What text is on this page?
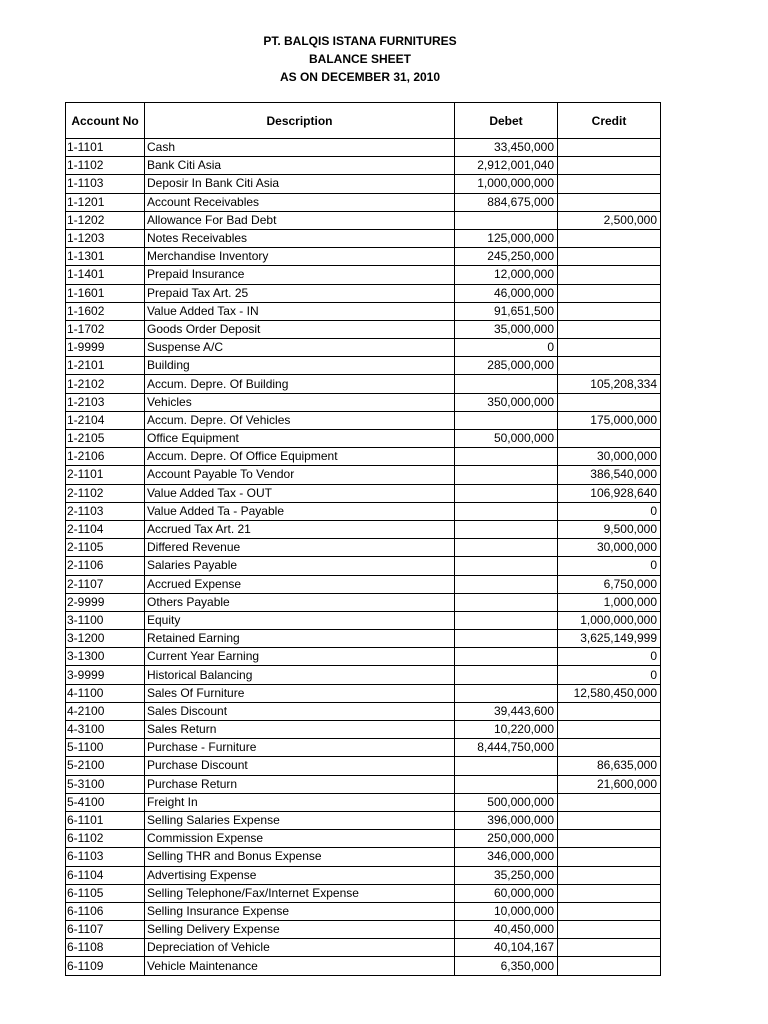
PT. BALQIS ISTANA FURNITURES
BALANCE SHEET
AS ON DECEMBER 31, 2010
Account No	Description	Debet	Credit
1-1101	Cash	33,450,000	
1-1102	Bank Citi Asia	2,912,001,040	
1-1103	Deposir In Bank Citi Asia	1,000,000,000	
1-1201	Account Receivables	884,675,000	
1-1202	Allowance For Bad Debt		2,500,000
1-1203	Notes Receivables	125,000,000	
1-1301	Merchandise Inventory	245,250,000	
1-1401	Prepaid Insurance	12,000,000	
1-1601	Prepaid Tax Art. 25	46,000,000	
1-1602	Value Added Tax - IN	91,651,500	
1-1702	Goods Order Deposit	35,000,000	
1-9999	Suspense A/C	0	
1-2101	Building	285,000,000	
1-2102	Accum. Depre. Of Building		105,208,334
1-2103	Vehicles	350,000,000	
1-2104	Accum. Depre. Of Vehicles		175,000,000
1-2105	Office Equipment	50,000,000	
1-2106	Accum. Depre. Of Office Equipment		30,000,000
2-1101	Account Payable To Vendor		386,540,000
2-1102	Value Added Tax - OUT		106,928,640
2-1103	Value Added Ta - Payable		0
2-1104	Accrued Tax Art. 21		9,500,000
2-1105	Differed Revenue		30,000,000
2-1106	Salaries Payable		0
2-1107	Accrued Expense		6,750,000
2-9999	Others Payable		1,000,000
3-1100	Equity		1,000,000,000
3-1200	Retained Earning		3,625,149,999
3-1300	Current Year Earning		0
3-9999	Historical Balancing		0
4-1100	Sales Of Furniture		12,580,450,000
4-2100	Sales Discount	39,443,600	
4-3100	Sales Return	10,220,000	
5-1100	Purchase - Furniture	8,444,750,000	
5-2100	Purchase Discount		86,635,000
5-3100	Purchase Return		21,600,000
5-4100	Freight In	500,000,000	
6-1101	Selling Salaries Expense	396,000,000	
6-1102	Commission Expense	250,000,000	
6-1103	Selling THR and Bonus Expense	346,000,000	
6-1104	Advertising Expense	35,250,000	
6-1105	Selling Telephone/Fax/Internet Expense	60,000,000	
6-1106	Selling Insurance Expense	10,000,000	
6-1107	Selling Delivery Expense	40,450,000	
6-1108	Depreciation of Vehicle	40,104,167	
6-1109	Vehicle Maintenance	6,350,000	
